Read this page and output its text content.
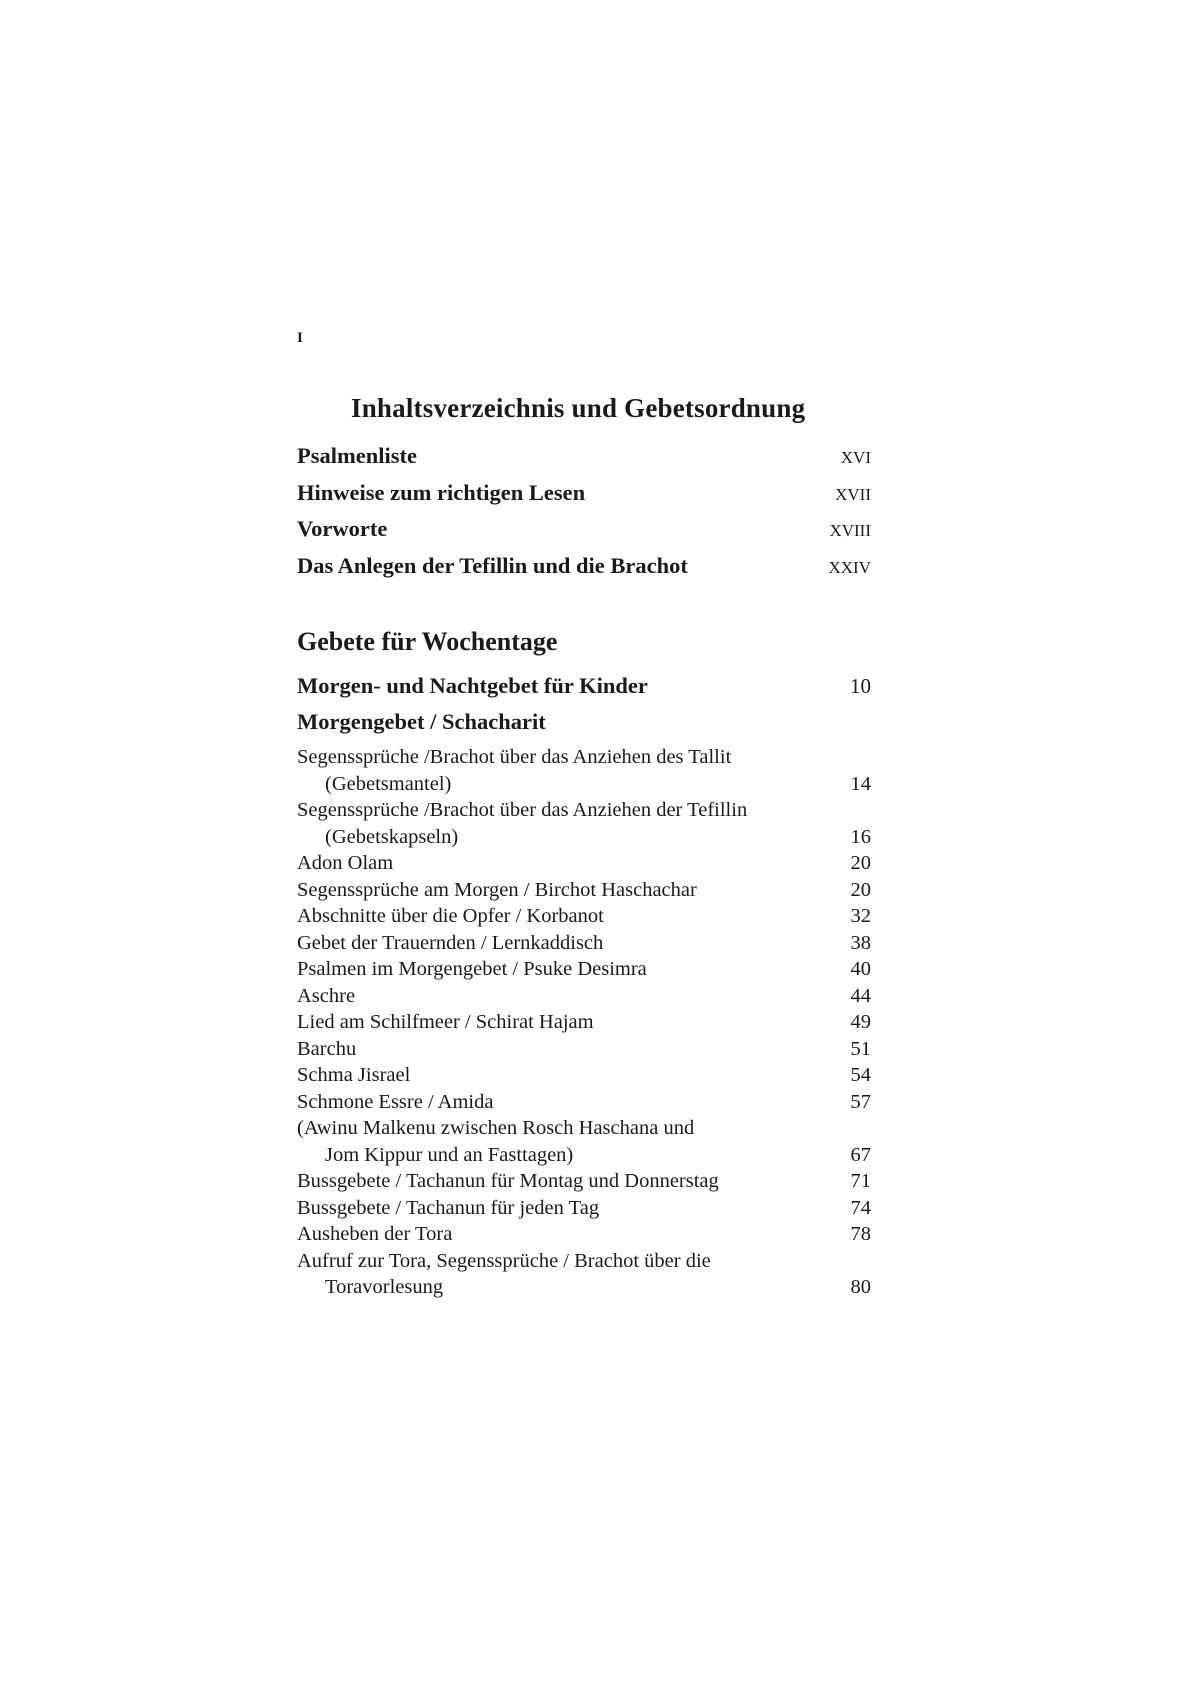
I
Inhaltsverzeichnis und Gebetsordnung
Psalmenliste	XVI
Hinweise zum richtigen Lesen	XVII
Vorworte	XVIII
Das Anlegen der Tefillin und die Brachot	XXIV
Gebete für Wochentage
Morgen- und Nachtgebet für Kinder	10
Morgengebet / Schacharit
Segenssprüche /Brachot über das Anziehen des Tallit
(Gebetsmantel)	14
Segenssprüche /Brachot über das Anziehen der Tefillin
(Gebetskapseln)	16
Adon Olam	20
Segenssprüche am Morgen / Birchot Haschachar	20
Abschnitte über die Opfer / Korbanot	32
Gebet der Trauernden / Lernkaddisch	38
Psalmen im Morgengebet / Psuke Desimra	40
Aschre	44
Lied am Schilfmeer / Schirat Hajam	49
Barchu	51
Schma Jisrael	54
Schmone Essre / Amida	57
(Awinu Malkenu zwischen Rosch Haschana und
Jom Kippur und an Fasttagen)	67
Bussgebete / Tachanun für Montag und Donnerstag	71
Bussgebete / Tachanun für jeden Tag	74
Ausheben der Tora	78
Aufruf zur Tora, Segenssprüche / Brachot über die
Toravorlesung	80
